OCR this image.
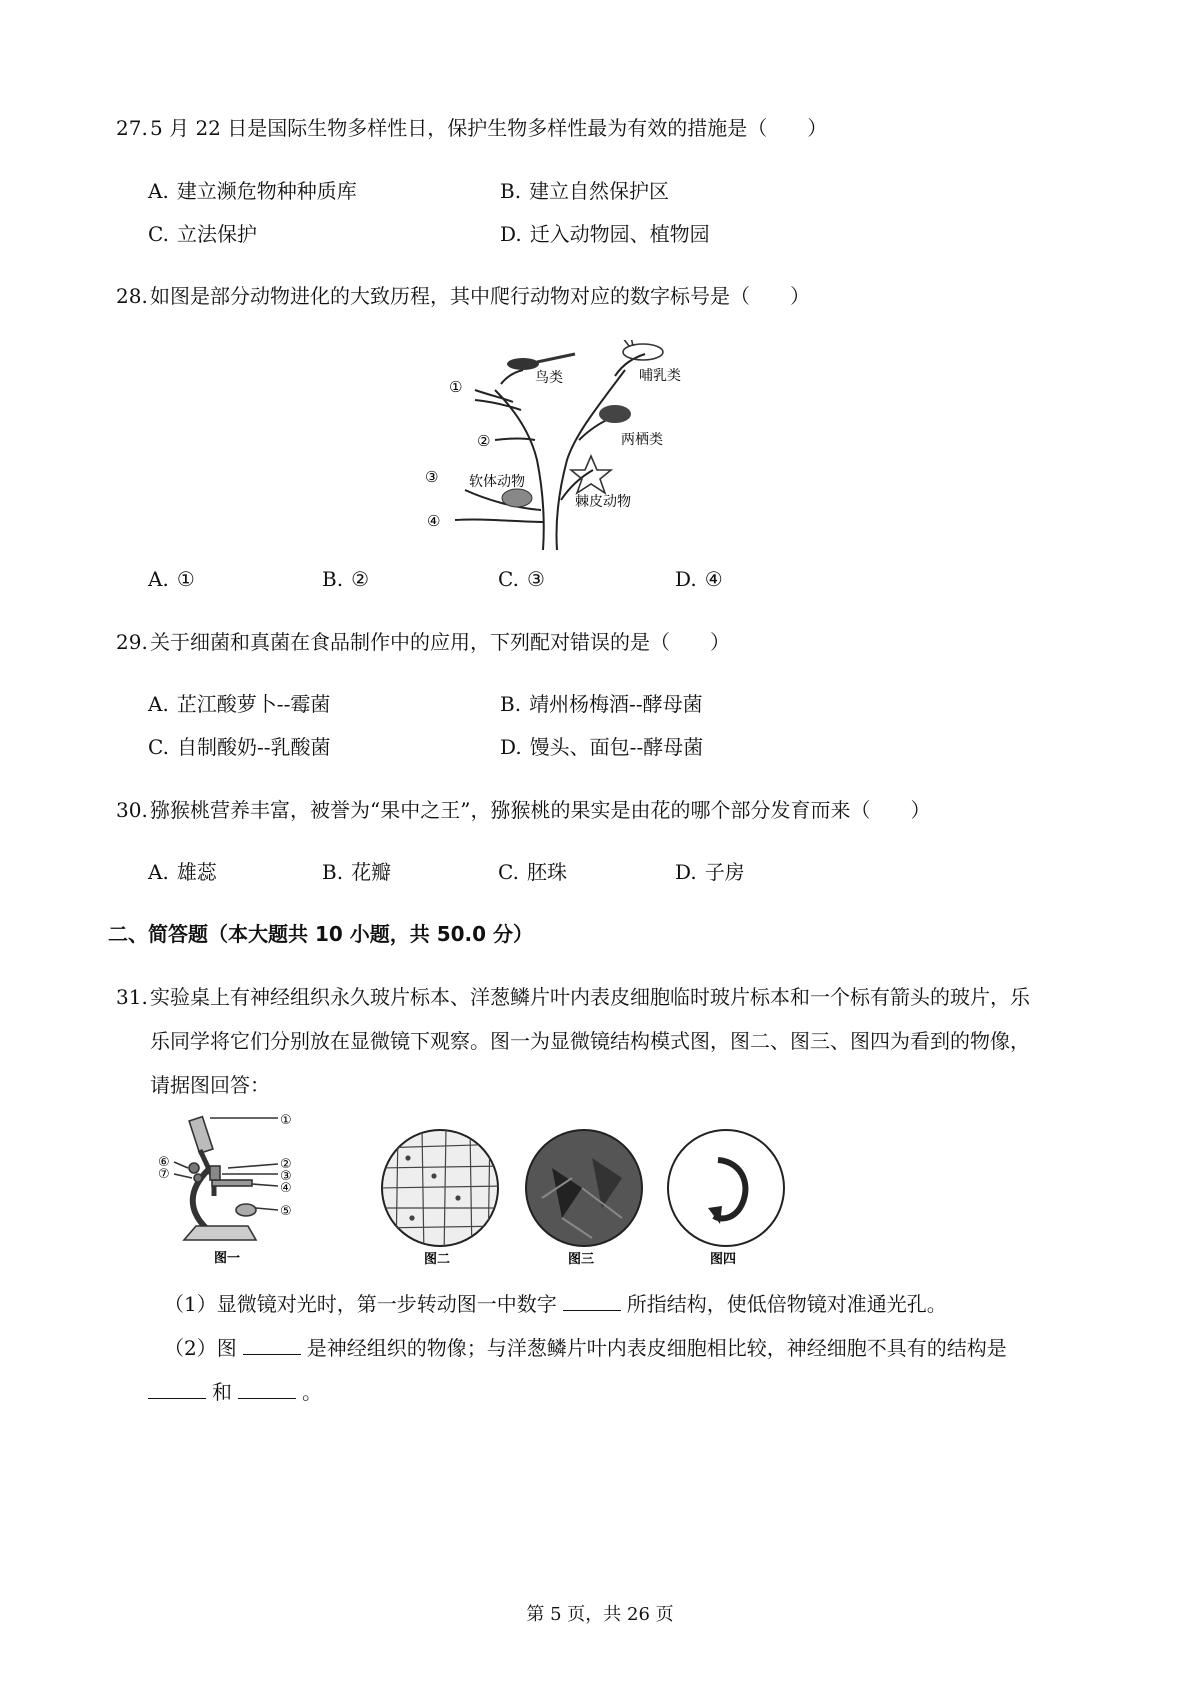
27. 5 月 22 日是国际生物多样性日，保护生物多样性最为有效的措施是（　　）
A. 建立濒危物种种质库	B. 建立自然保护区
C. 立法保护	D. 迁入动物园、植物园
28. 如图是部分动物进化的大致历程，其中爬行动物对应的数字标号是（　　）
鸟类	哺乳类
两栖类
软体动物
棘皮动物
①
②
③
④
A. ①	B. ②	C. ③	D. ④
29. 关于细菌和真菌在食品制作中的应用，下列配对错误的是（　　）
A. 芷江酸萝卜--霉菌	B. 靖州杨梅酒--酵母菌
C. 自制酸奶--乳酸菌	D. 馒头、面包--酵母菌
30. 猕猴桃营养丰富，被誉为“果中之王”，猕猴桃的果实是由花的哪个部分发育而来（　　）
A. 雄蕊	B. 花瓣	C. 胚珠	D. 子房
二、简答题（本大题共 10 小题，共 50.0 分）
31. 实验桌上有神经组织永久玻片标本、洋葱鳞片叶内表皮细胞临时玻片标本和一个标有箭头的玻片，乐
乐同学将它们分别放在显微镜下观察。图一为显微镜结构模式图，图二、图三、图四为看到的物像，
请据图回答：
①
②
③
④
⑤
⑥
⑦
图一	图二	图三	图四
（1）显微镜对光时，第一步转动图一中数字	所指结构，使低倍物镜对准通光孔。
（2）图	是神经组织的物像；与洋葱鳞片叶内表皮细胞相比较，神经细胞不具有的结构是
和	。
第 5 页，共 26 页
